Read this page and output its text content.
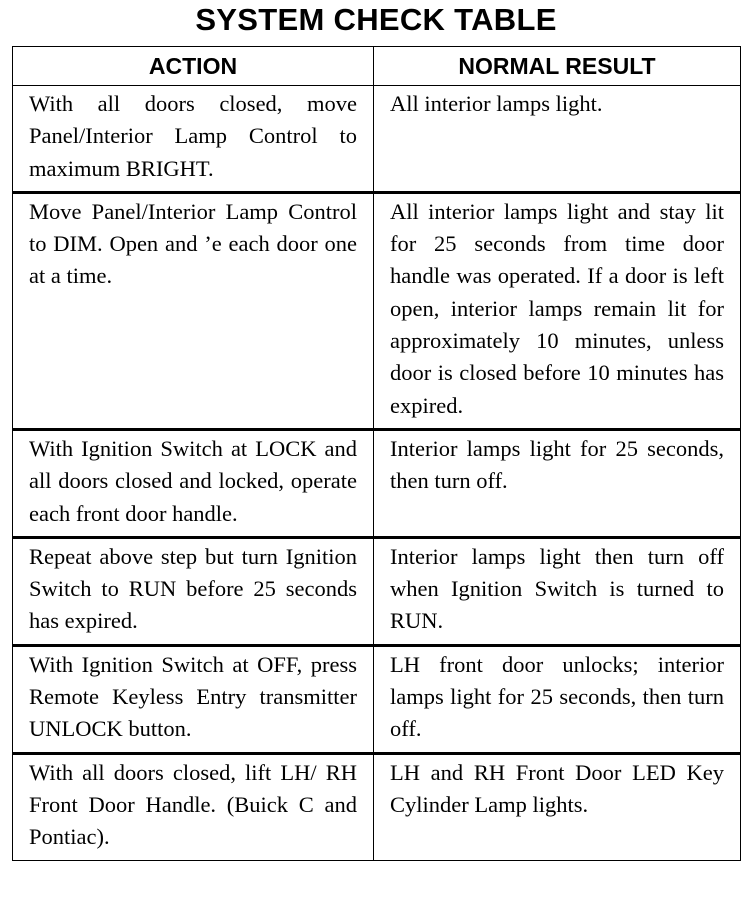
SYSTEM CHECK TABLE
ACTION	NORMAL RESULT
With all doors closed, move Panel/Interior Lamp Control to maximum BRIGHT.	All interior lamps light.
Move Panel/Interior Lamp Control to DIM. Open and ’e each door one at a time.	All interior lamps light and stay lit for 25 seconds from time door handle was operated. If a door is left open, interior lamps remain lit for approximately 10 minutes, unless door is closed before 10 minutes has expired.
With Ignition Switch at LOCK and all doors closed and locked, operate each front door handle.	Interior lamps light for 25 seconds, then turn off.
Repeat above step but turn Ignition Switch to RUN before 25 seconds has expired.	Interior lamps light then turn off when Ignition Switch is turned to RUN.
With Ignition Switch at OFF, press Remote Keyless Entry transmitter UNLOCK button.	LH front door unlocks; interior lamps light for 25 seconds, then turn off.
With all doors closed, lift LH/ RH Front Door Handle. (Buick C and Pontiac).	LH and RH Front Door LED Key Cylinder Lamp lights.
